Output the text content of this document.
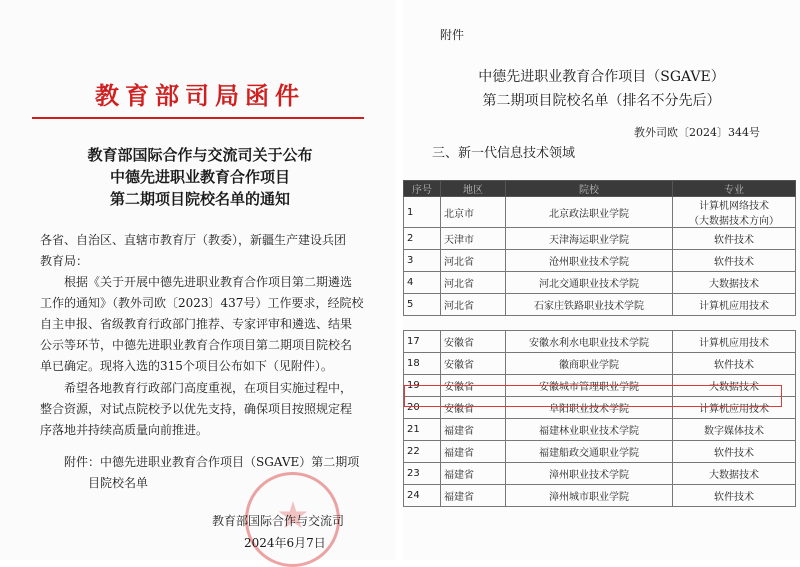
教育部司局函件
教外司欧〔2024〕344号
教育部国际合作与交流司关于公布
中德先进职业教育合作项目
第二期项目院校名单的通知
各省、自治区、直辖市教育厅（教委），新疆生产建设兵团
教育局：
根据《关于开展中德先进职业教育合作项目第二期遴选
工作的通知》（教外司欧〔2023〕437号）工作要求，经院校
自主申报、省级教育行政部门推荐、专家评审和遴选、结果
公示等环节，中德先进职业教育合作项目第二期项目院校名
单已确定。现将入选的315个项目公布如下（见附件）。
希望各地教育行政部门高度重视，在项目实施过程中，
整合资源，对试点院校予以优先支持，确保项目按照规定程
序落地并持续高质量向前推进。
附件：中德先进职业教育合作项目（SGAVE）第二期项
目院校名单
教育部国际合作与交流司
2024年6月7日
附件
中德先进职业教育合作项目（SGAVE）
第二期项目院校名单（排名不分先后）
三、新一代信息技术领域
序号	地区	院校	专业
1	北京市	北京政法职业学院	计算机网络技术
（大数据技术方向）

2	天津市	天津海运职业学院	软件技术
3	河北省	沧州职业技术学院	软件技术
4	河北省	河北交通职业技术学院	大数据技术
5	河北省	石家庄铁路职业技术学院	计算机应用技术

17	安徽省	安徽水利水电职业技术学院	计算机应用技术
18	安徽省	徽商职业学院	软件技术
19	安徽省	安徽城市管理职业学院	大数据技术
20	安徽省	阜阳职业技术学院	计算机应用技术
21	福建省	福建林业职业技术学院	数字媒体技术
22	福建省	福建船政交通职业学院	软件技术
23	福建省	漳州职业技术学院	大数据技术
24	福建省	漳州城市职业学院	软件技术
